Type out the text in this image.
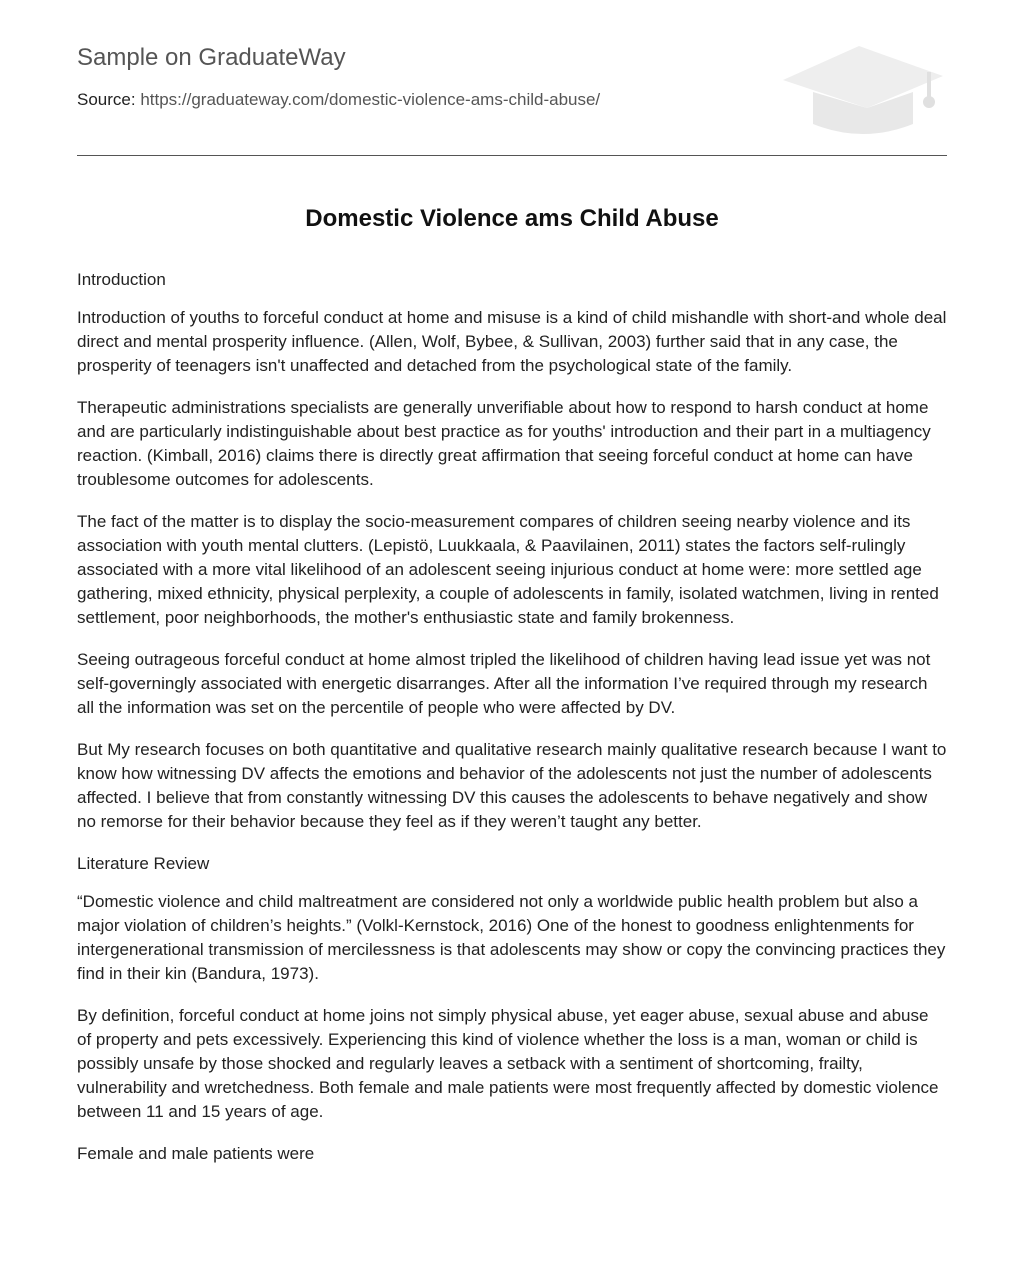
Sample on GraduateWay
Source: https://graduateway.com/domestic-violence-ams-child-abuse/
Domestic Violence ams Child Abuse

Introduction

Introduction of youths to forceful conduct at home and misuse is a kind of child mishandle with short-and whole deal direct and mental prosperity influence. (Allen, Wolf, Bybee, & Sullivan, 2003) further said that in any case, the prosperity of teenagers isn't unaffected and detached from the psychological state of the family.

Therapeutic administrations specialists are generally unverifiable about how to respond to harsh conduct at home and are particularly indistinguishable about best practice as for youths' introduction and their part in a multiagency reaction. (Kimball, 2016) claims there is directly great affirmation that seeing forceful conduct at home can have troublesome outcomes for adolescents.

The fact of the matter is to display the socio-measurement compares of children seeing nearby violence and its association with youth mental clutters. (Lepistö, Luukkaala, & Paavilainen, 2011) states the factors self-rulingly associated with a more vital likelihood of an adolescent seeing injurious conduct at home were: more settled age gathering, mixed ethnicity, physical perplexity, a couple of adolescents in family, isolated watchmen, living in rented settlement, poor neighborhoods, the mother's enthusiastic state and family brokenness.

Seeing outrageous forceful conduct at home almost tripled the likelihood of children having lead issue yet was not self-governingly associated with energetic disarranges. After all the information I’ve required through my research all the information was set on the percentile of people who were affected by DV.

But My research focuses on both quantitative and qualitative research mainly qualitative research because I want to know how witnessing DV affects the emotions and behavior of the adolescents not just the number of adolescents affected. I believe that from constantly witnessing DV this causes the adolescents to behave negatively and show no remorse for their behavior because they feel as if they weren’t taught any better.

Literature Review

“Domestic violence and child maltreatment are considered not only a worldwide public health problem but also a major violation of children’s heights.” (Volkl-Kernstock, 2016) One of the honest to goodness enlightenments for intergenerational transmission of mercilessness is that adolescents may show or copy the convincing practices they find in their kin (Bandura, 1973).

By definition, forceful conduct at home joins not simply physical abuse, yet eager abuse, sexual abuse and abuse of property and pets excessively. Experiencing this kind of violence whether the loss is a man, woman or child is possibly unsafe by those shocked and regularly leaves a setback with a sentiment of shortcoming, frailty, vulnerability and wretchedness. Both female and male patients were most frequently affected by domestic violence between 11 and 15 years of age.

Female and male patients were
